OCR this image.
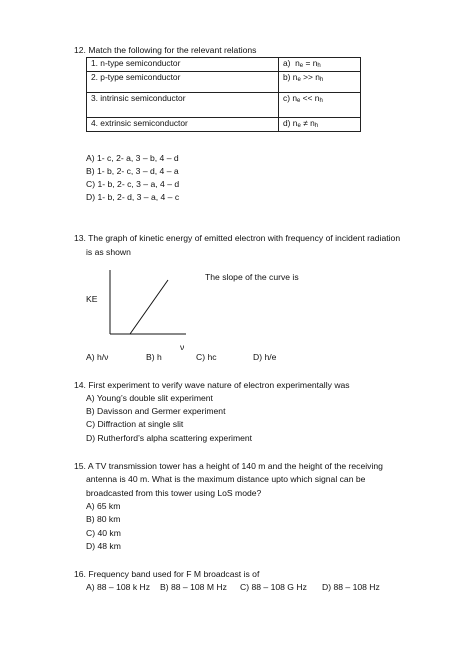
12. Match the following for the relevant relations
1. n-type semiconductor	a) $n_e = n_h$
2. p-type semiconductor	b) $n_e >> n_h$
3. intrinsic semiconductor	c) $n_e << n_h$
4. extrinsic semiconductor	d) $n_e \ne n_h$
A) 1- c, 2- a, 3 – b, 4 – d
B) 1- b, 2- c, 3 – d, 4 – a
C) 1- b, 2- c, 3 – a, 4 – d
D) 1- b, 2- d, 3 – a, 4 – c
13. The graph of kinetic energy of emitted electron with frequency of incident radiation
is as shown
The slope of the curve is
KE
ν
A) h/ν	B) h	C) hc	D) h/e
14. First experiment to verify wave nature of electron experimentally was
A) Young’s double slit experiment
B) Davisson and Germer experiment
C) Diffraction at single slit
D) Rutherford’s alpha scattering experiment
15. A TV transmission tower has a height of 140 m and the height of the receiving
antenna is 40 m. What is the maximum distance upto which signal can be
broadcasted from this tower using LoS mode?
A) 65 km
B) 80 km
C) 40 km
D) 48 km
16. Frequency band used for F M broadcast is of
A) 88 – 108 k Hz B) 88 – 108 M Hz C) 88 – 108 G Hz D) 88 – 108 Hz
